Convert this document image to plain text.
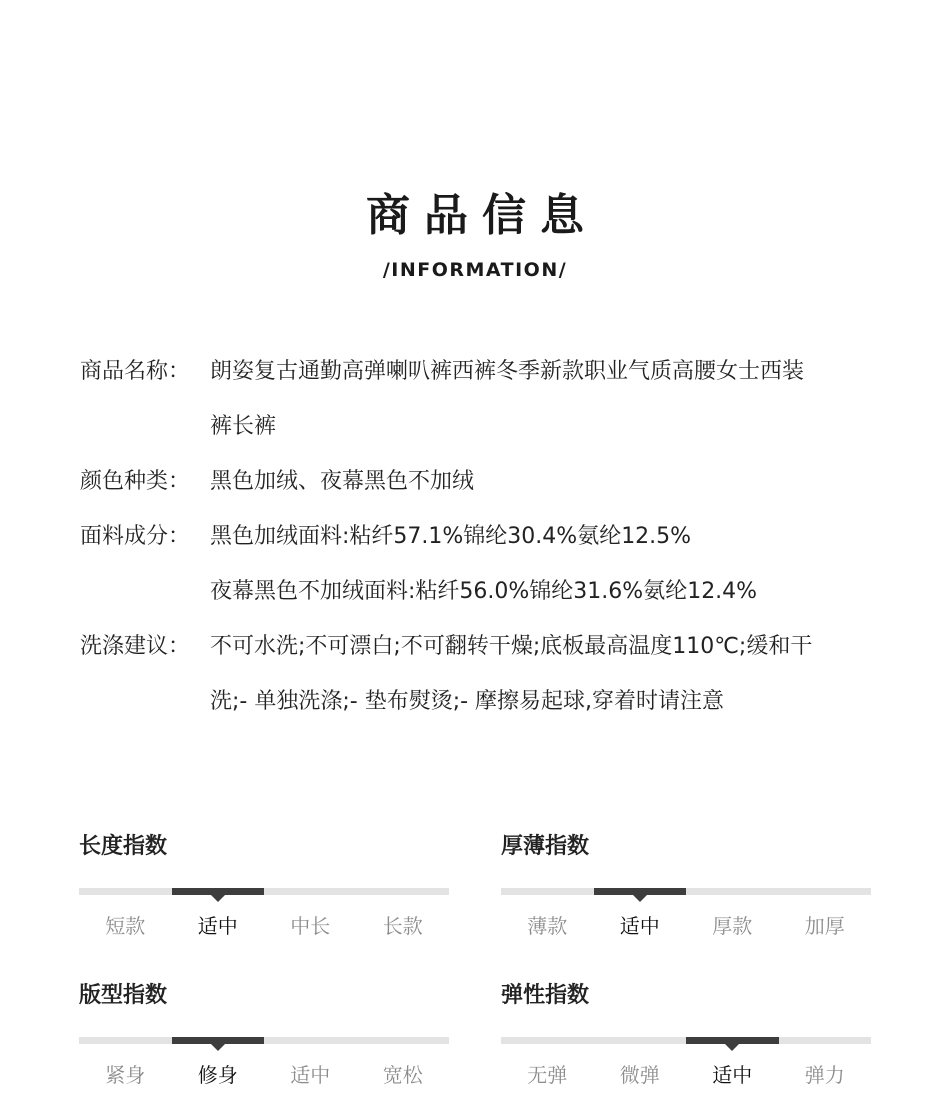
商品信息
/INFORMATION/
商品名称： 朗姿复古通勤高弹喇叭裤西裤冬季新款职业气质高腰女士西装
裤长裤
颜色种类： 黑色加绒、夜幕黑色不加绒
面料成分： 黑色加绒面料:粘纤57.1%锦纶30.4%氨纶12.5%
夜幕黑色不加绒面料:粘纤56.0%锦纶31.6%氨纶12.4%
洗涤建议： 不可水洗;不可漂白;不可翻转干燥;底板最高温度110℃;缓和干
洗;- 单独洗涤;- 垫布熨烫;- 摩擦易起球,穿着时请注意
长度指数
短款	适中	中长	长款
厚薄指数
薄款	适中	厚款	加厚
版型指数
紧身	修身	适中	宽松
弹性指数
无弹	微弹	适中	弹力
